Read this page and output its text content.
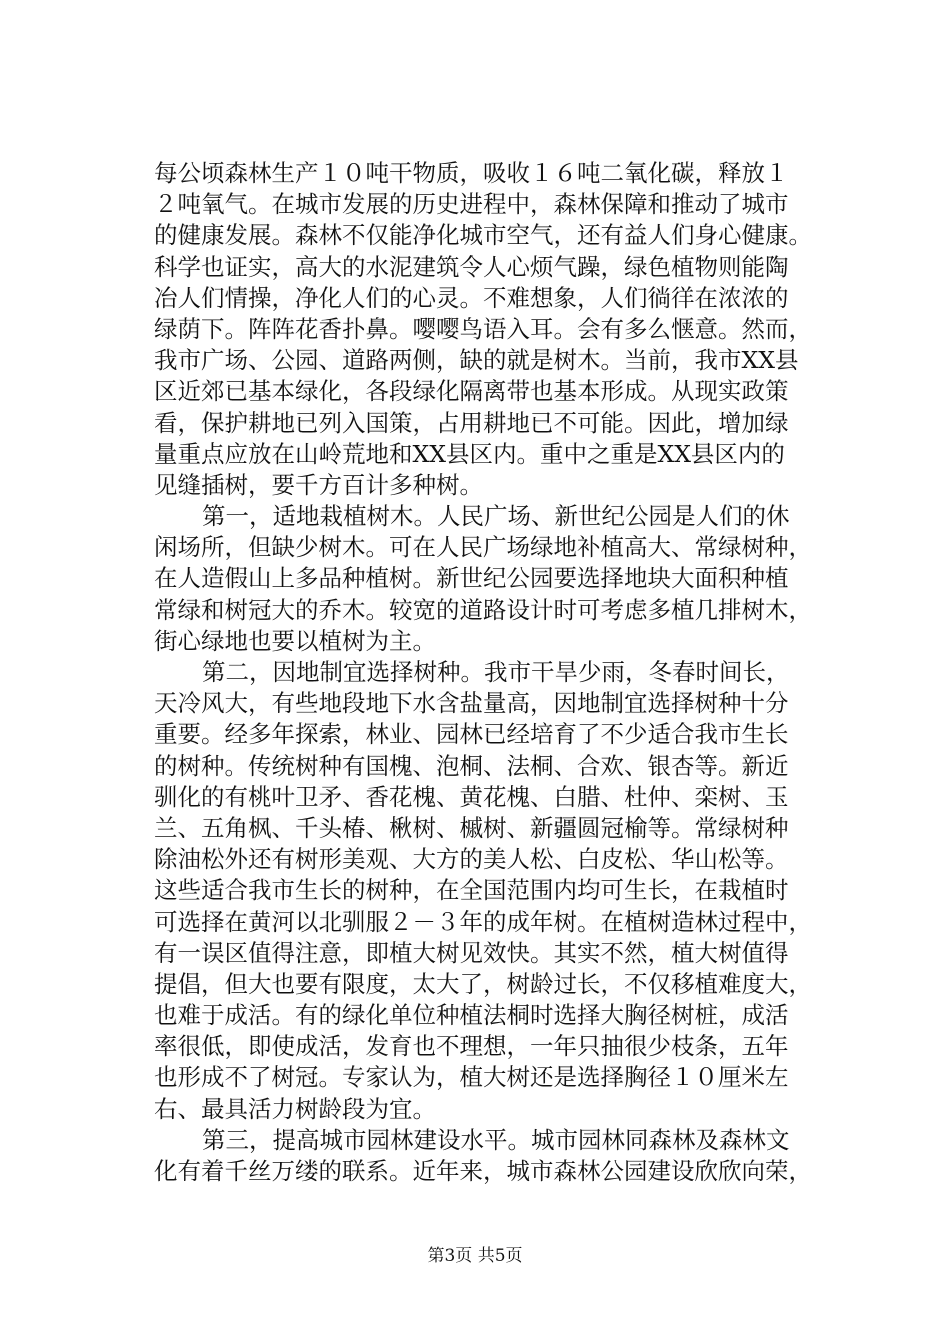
每公顷森林生产１０吨干物质，吸收１６吨二氧化碳，释放１
２吨氧气。在城市发展的历史进程中，森林保障和推动了城市
的健康发展。森林不仅能净化城市空气，还有益人们身心健康。
科学也证实，高大的水泥建筑令人心烦气躁，绿色植物则能陶
冶人们情操，净化人们的心灵。不难想象，人们徜徉在浓浓的
绿荫下。阵阵花香扑鼻。嘤嘤鸟语入耳。会有多么惬意。然而，
我市广场、公园、道路两侧，缺的就是树木。当前，我市XX县
区近郊已基本绿化，各段绿化隔离带也基本形成。从现实政策
看，保护耕地已列入国策，占用耕地已不可能。因此，增加绿
量重点应放在山岭荒地和XX县区内。重中之重是XX县区内的
见缝插树，要千方百计多种树。
第一，适地栽植树木。人民广场、新世纪公园是人们的休
闲场所，但缺少树木。可在人民广场绿地补植高大、常绿树种，
在人造假山上多品种植树。新世纪公园要选择地块大面积种植
常绿和树冠大的乔木。较宽的道路设计时可考虑多植几排树木，
街心绿地也要以植树为主。
第二，因地制宜选择树种。我市干旱少雨，冬春时间长，
天冷风大，有些地段地下水含盐量高，因地制宜选择树种十分
重要。经多年探索，林业、园林已经培育了不少适合我市生长
的树种。传统树种有国槐、泡桐、法桐、合欢、银杏等。新近
驯化的有桃叶卫矛、香花槐、黄花槐、白腊、杜仲、栾树、玉
兰、五角枫、千头椿、楸树、槭树、新疆圆冠榆等。常绿树种
除油松外还有树形美观、大方的美人松、白皮松、华山松等。
这些适合我市生长的树种，在全国范围内均可生长，在栽植时
可选择在黄河以北驯服２－３年的成年树。在植树造林过程中，
有一误区值得注意，即植大树见效快。其实不然，植大树值得
提倡，但大也要有限度，太大了，树龄过长，不仅移植难度大，
也难于成活。有的绿化单位种植法桐时选择大胸径树桩，成活
率很低，即使成活，发育也不理想，一年只抽很少枝条，五年
也形成不了树冠。专家认为，植大树还是选择胸径１０厘米左
右、最具活力树龄段为宜。
第三，提高城市园林建设水平。城市园林同森林及森林文
化有着千丝万缕的联系。近年来，城市森林公园建设欣欣向荣，
第3页 共5页
